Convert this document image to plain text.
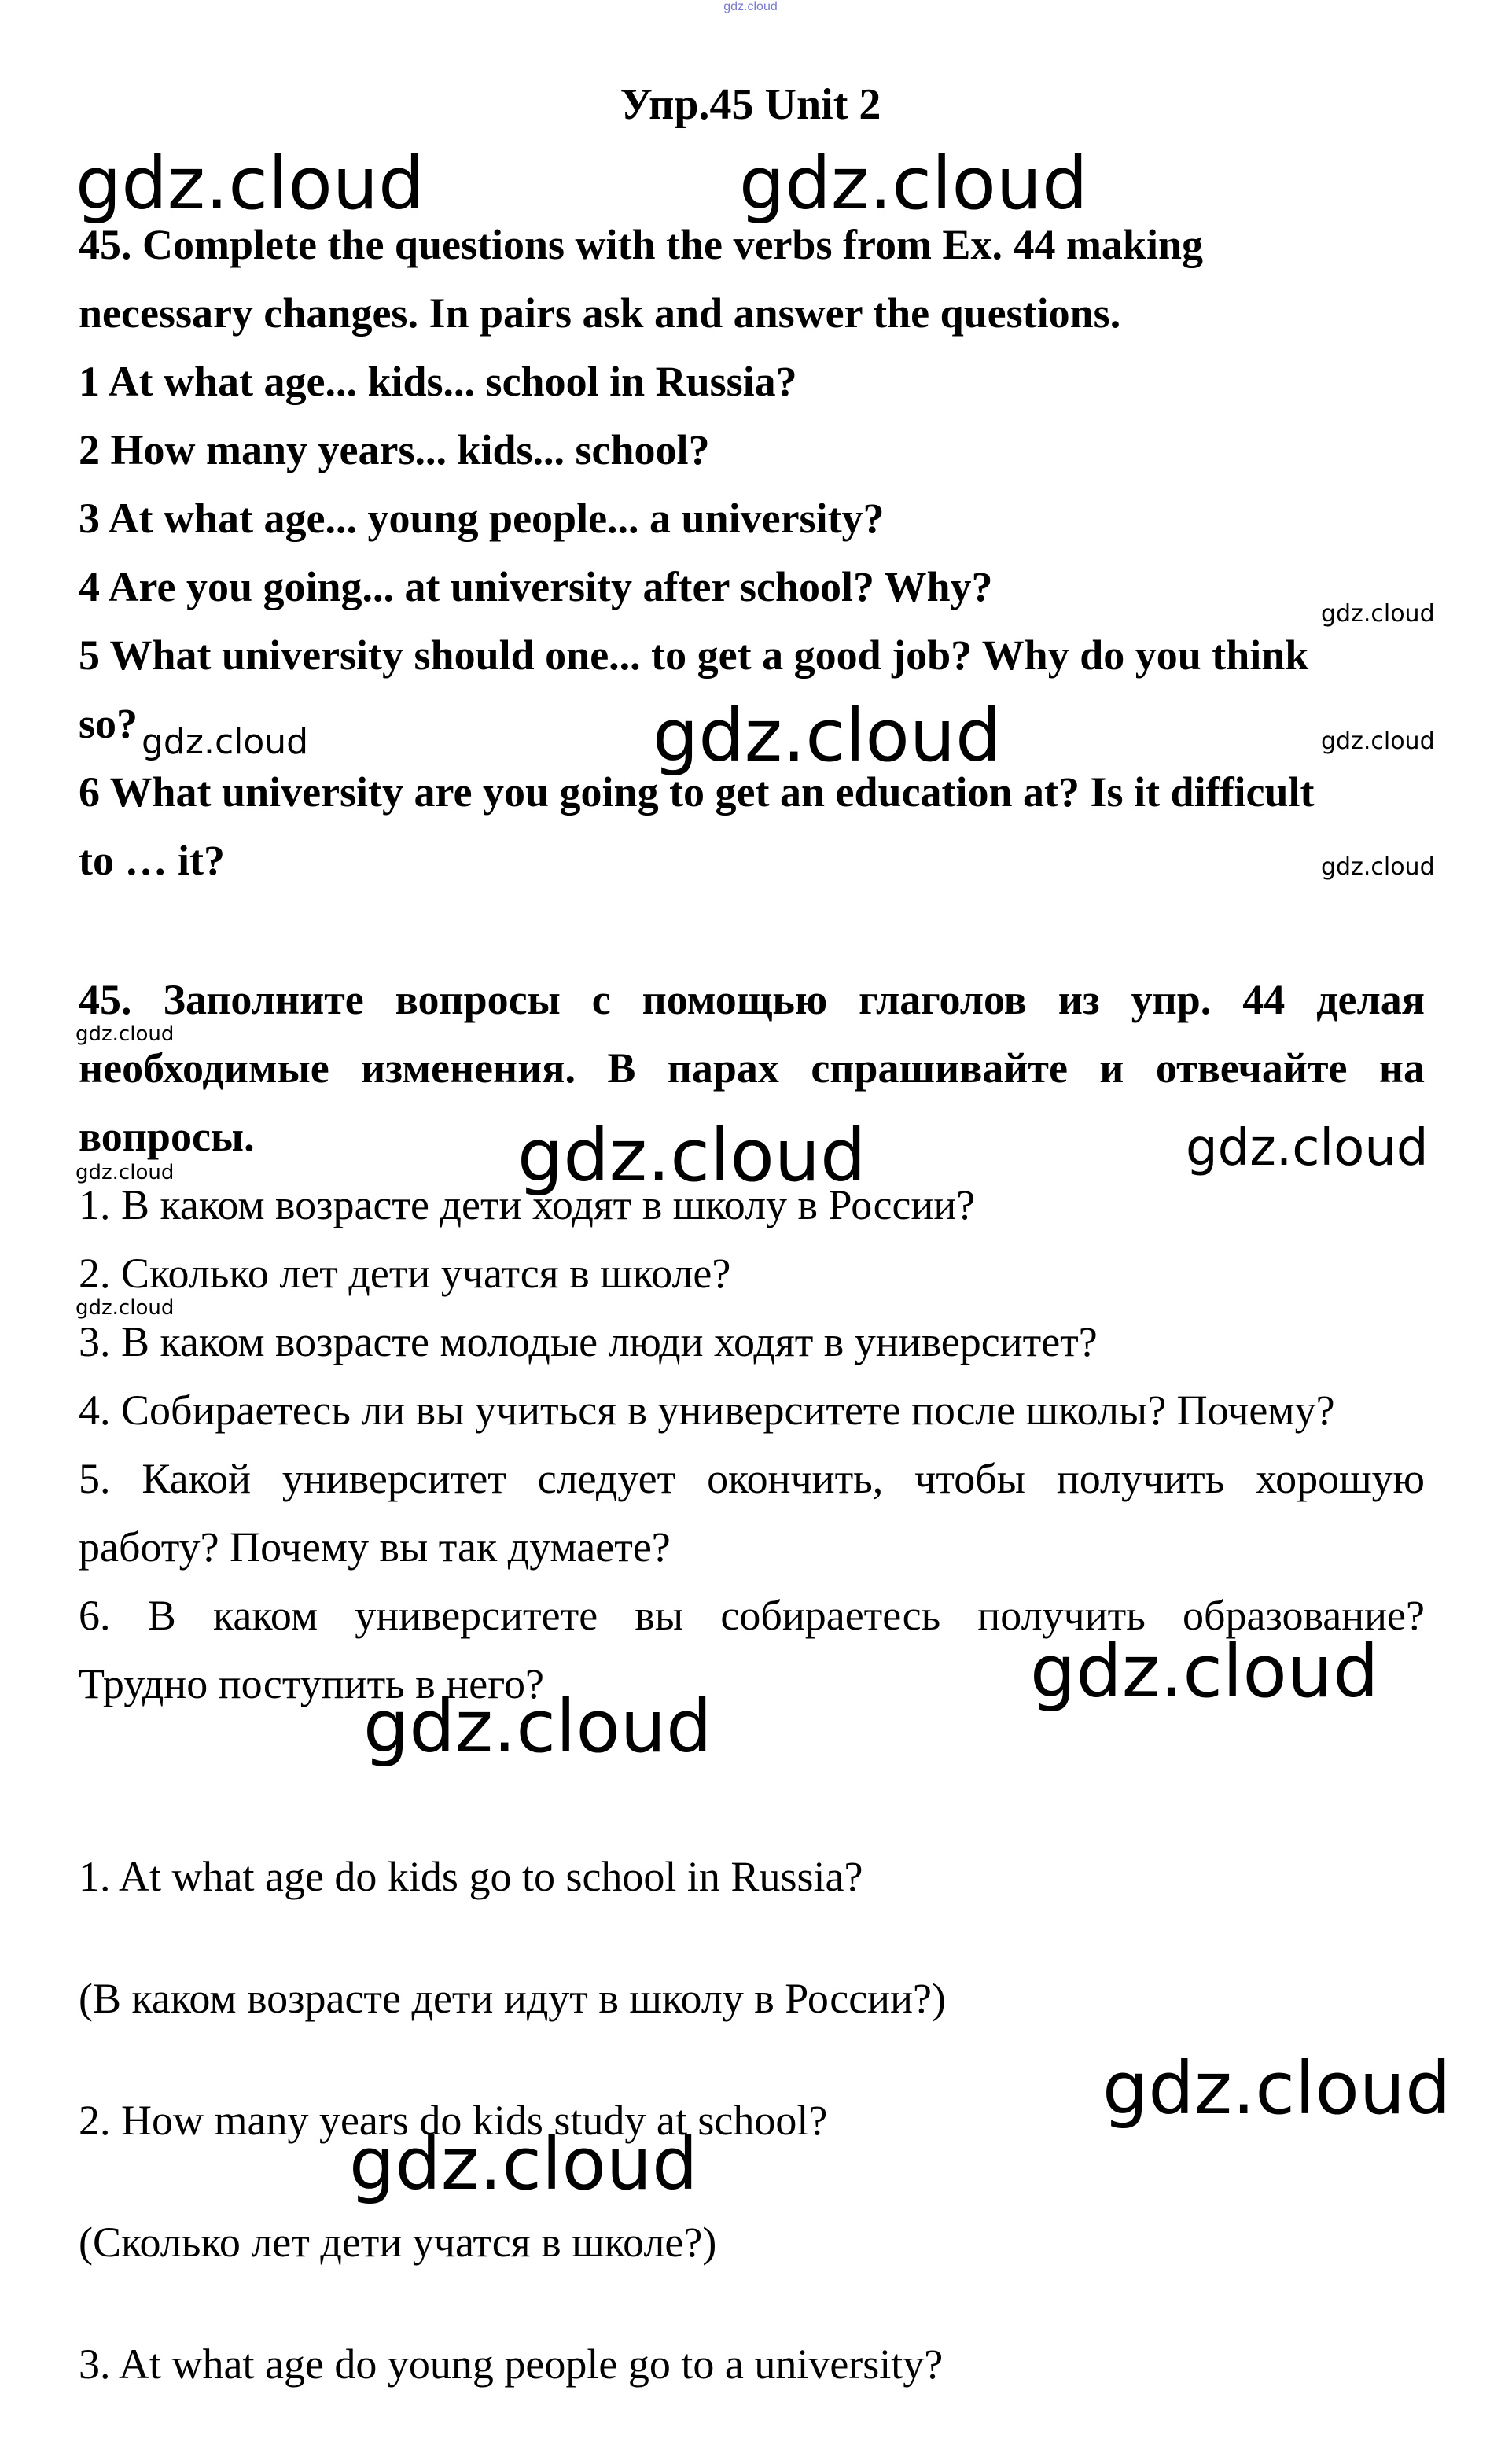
gdz.cloud
Упр.45 Unit 2
45. Complete the questions with the verbs from Ex. 44 making
necessary changes. In pairs ask and answer the questions.
1 At what age... kids... school in Russia?
2 How many years... kids... school?
3 At what age... young people... a university?
4 Are you going... at university after school? Why?
5 What university should one... to get a good job? Why do you think
so?
6 What university are you going to get an education at? Is it difficult
to … it?
45. Заполните вопросы с помощью глаголов из упр. 44 делая
необходимые изменения. В парах спрашивайте и отвечайте на
вопросы.
1. В каком возрасте дети ходят в школу в России?
2. Сколько лет дети учатся в школе?
3. В каком возрасте молодые люди ходят в университет?
4. Собираетесь ли вы учиться в университете после школы? Почему?
5. Какой университет следует окончить, чтобы получить хорошую
работу? Почему вы так думаете?
6. В каком университете вы собираетесь получить образование?
Трудно поступить в него?
1. At what age do kids go to school in Russia?
(В каком возрасте дети идут в школу в России?)
2. How many years do kids study at school?
(Сколько лет дети учатся в школе?)
3. At what age do young people go to a university?
gdz.cloud	gdz.cloud
gdz.cloud
gdz.cloud
gdz.cloud
gdz.cloud	gdz.cloud
gdz.cloud
gdz.cloud
gdz.cloud
gdz.cloud	gdz.cloud
gdz.cloud
gdz.cloud
gdz.cloud
gdz.cloud
